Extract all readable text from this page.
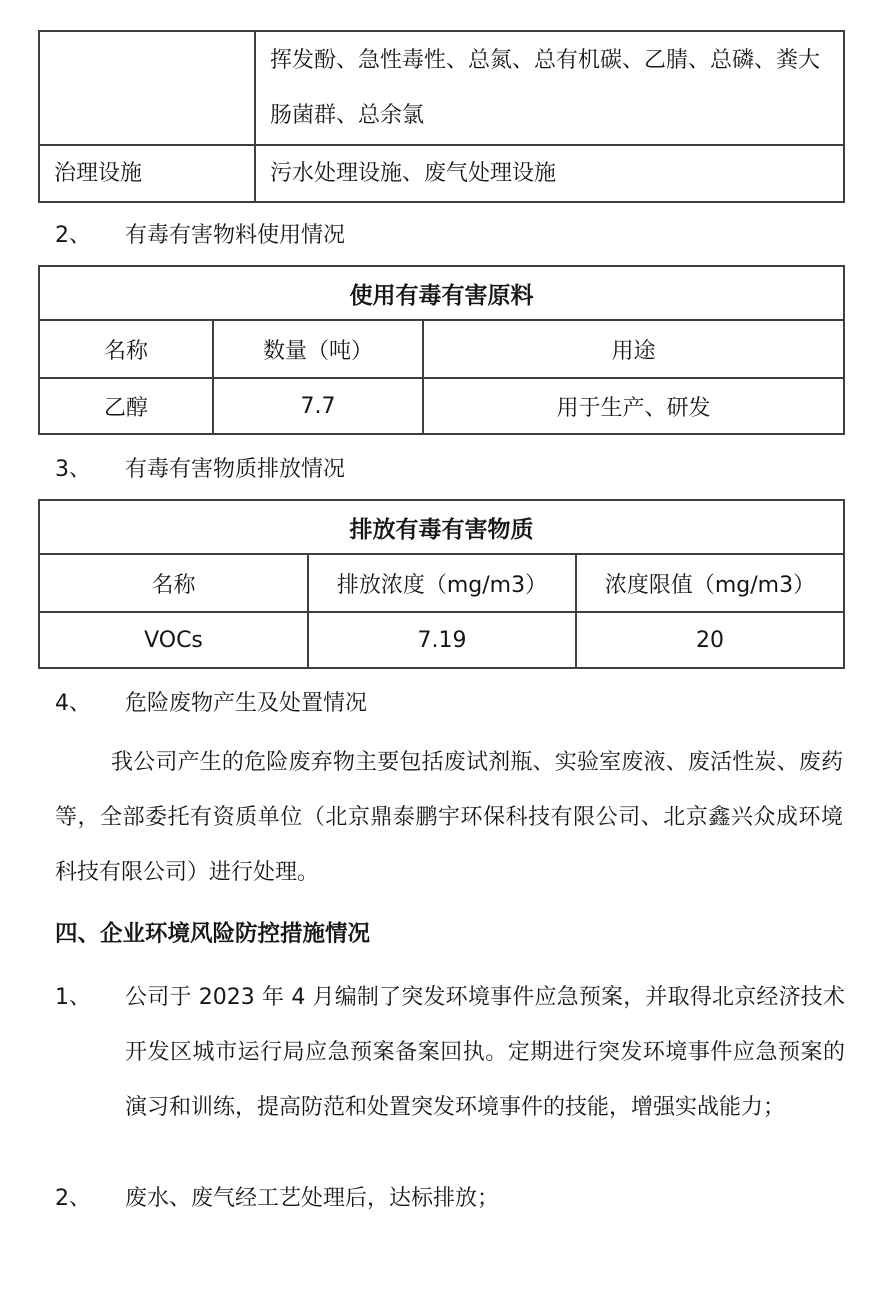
	挥发酚、急性毒性、总氮、总有机碳、乙腈、总磷、粪大肠菌群、总余氯
治理设施	污水处理设施、废气处理设施
2、	有毒有害物料使用情况
使用有毒有害原料		
名称	数量（吨）	用途
乙醇	7.7	用于生产、研发
3、	有毒有害物质排放情况
排放有毒有害物质		
名称	排放浓度（mg/m3）	浓度限值（mg/m3）
VOCs	7.19	20
4、	危险废物产生及处置情况

我公司产生的危险废弃物主要包括废试剂瓶、实验室废液、废活性炭、废药等，全部委托有资质单位（北京鼎泰鹏宇环保科技有限公司、北京鑫兴众成环境科技有限公司）进行处理。

四、企业环境风险防控措施情况
1、	公司于 2023 年 4 月编制了突发环境事件应急预案，并取得北京经济技术开发区城市运行局应急预案备案回执。定期进行突发环境事件应急预案的演习和训练，提高防范和处置突发环境事件的技能，增强实战能力；
2、	废水、废气经工艺处理后，达标排放；
